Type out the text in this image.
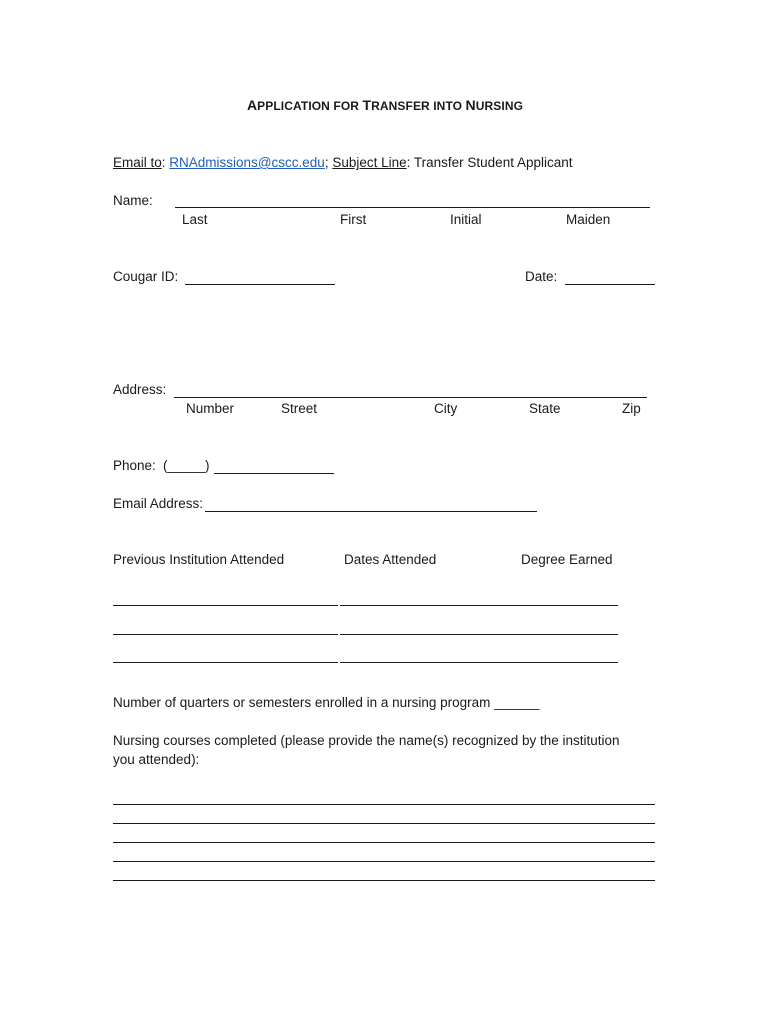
APPLICATION FOR TRANSFER INTO NURSING
Email to: RNAdmissions@cscc.edu; Subject Line: Transfer Student Applicant
Name:
Last	First	Initial	Maiden
Cougar ID:	Date:
Address:
Number	Street	City	State	Zip
Phone: (_____)
Email Address:
Previous Institution Attended	Dates Attended	Degree Earned
Number of quarters or semesters enrolled in a nursing program ______
Nursing courses completed (please provide the name(s) recognized by the institution
you attended):
